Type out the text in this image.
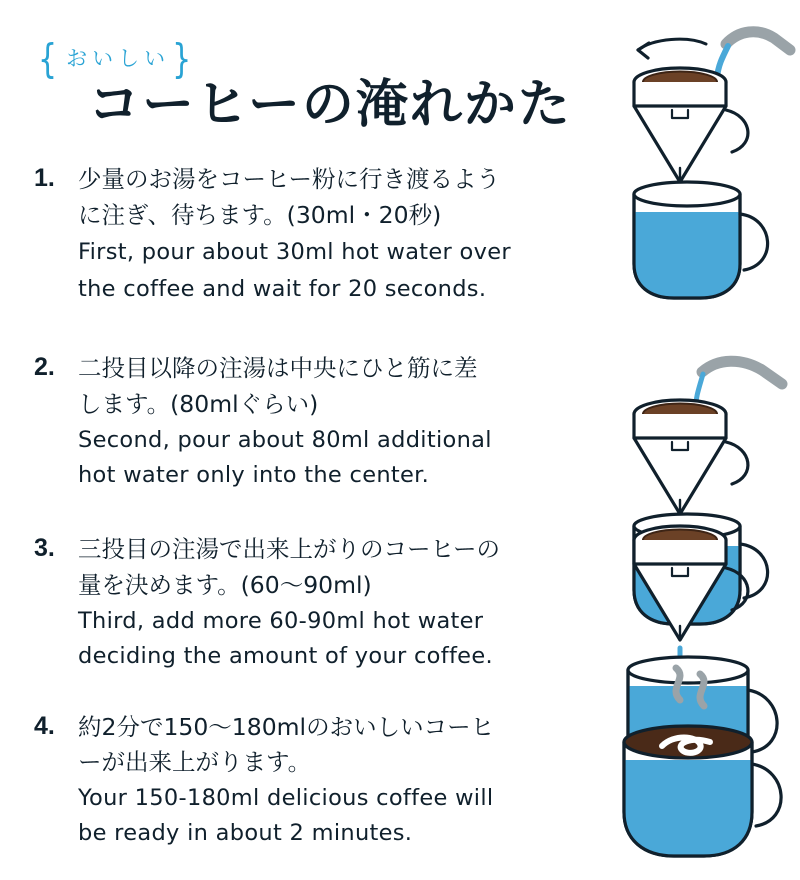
{ おいしい}
コーヒーの淹れかた
1. 少量のお湯をコーヒー粉に行き渡るよう
に注ぎ、待ちます。(30ml・20秒)
First, pour about 30ml hot water over
the coffee and wait for 20 seconds.
2. 二投目以降の注湯は中央にひと筋に差
します。(80mlぐらい)
Second, pour about 80ml additional
hot water only into the center.
3. 三投目の注湯で出来上がりのコーヒーの
量を決めます。(60〜90ml)
Third, add more 60-90ml hot water
deciding the amount of your coffee.
4. 約2分で150〜180mlのおいしいコーヒ
ーが出来上がります。
Your 150-180ml delicious coffee will
be ready in about 2 minutes.
